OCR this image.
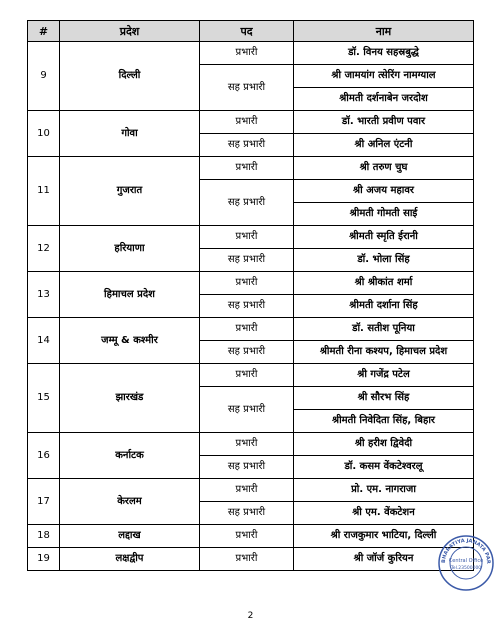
#	प्रदेश	पद	नाम
9	दिल्ली	प्रभारी	डॉ. विनय सहस्रबुद्धे
		सह प्रभारी	श्री जामयांग त्सेरिंग नामग्याल
			श्रीमती दर्शनाबेन जरदोश
10	गोवा	प्रभारी	डॉ. भारती प्रवीण पवार
		सह प्रभारी	श्री अनिल एंटनी
11	गुजरात	प्रभारी	श्री तरुण चुघ
		सह प्रभारी	श्री अजय महावर
			श्रीमती गोमती साई
12	हरियाणा	प्रभारी	श्रीमती स्मृति ईरानी
		सह प्रभारी	डॉ. भोला सिंह
13	हिमाचल प्रदेश	प्रभारी	श्री श्रीकांत शर्मा
		सह प्रभारी	श्रीमती दर्शाना सिंह
14	जम्मू & कश्मीर	प्रभारी	डॉ. सतीश पूनिया
		सह प्रभारी	श्रीमती रीना कश्यप, हिमाचल प्रदेश
15	झारखंड	प्रभारी	श्री गजेंद्र पटेल
		सह प्रभारी	श्री सौरभ सिंह
			श्रीमती निवेदिता सिंह, बिहार
16	कर्नाटक	प्रभारी	श्री हरीश द्विवेदी
		सह प्रभारी	डॉ. कसम वेंकटेश्वरलू
17	केरलम	प्रभारी	प्रो. एम. नागराजा
		सह प्रभारी	श्री एम. वेंकटेशन
18	लद्दाख	प्रभारी	श्री राजकुमार भाटिया, दिल्ली
19	लक्षद्वीप	प्रभारी	श्री जॉर्ज कुरियन	BHARATIYA JANATA PAR
Central Office
Tel.23500000
2
